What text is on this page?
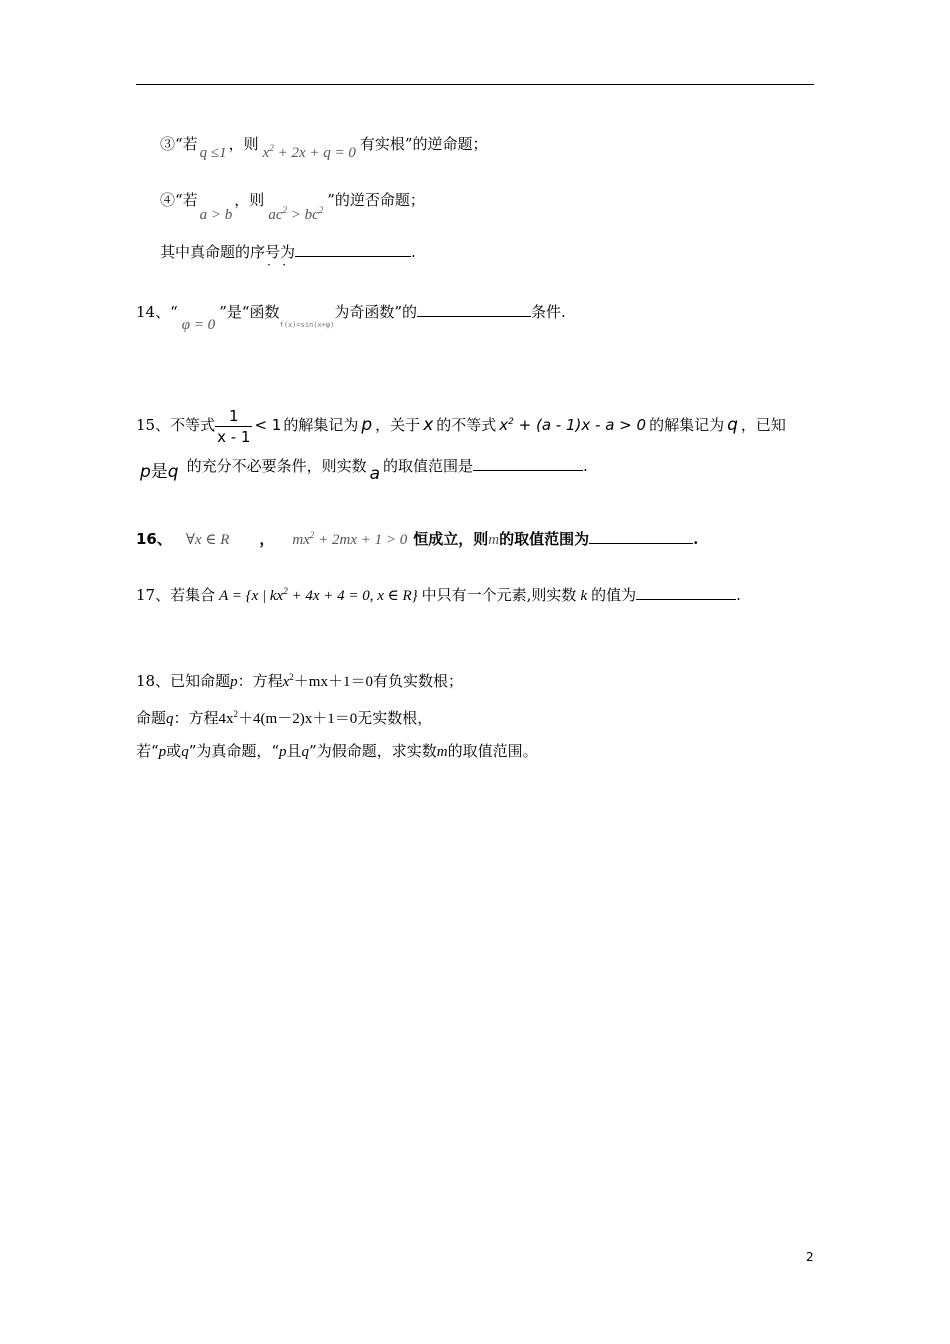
③“若 q ≤1 ，则 $x^2 + 2x + q = 0$ 有实根”的逆命题；
④“若a > b，则$ac^2 > bc^2$”的逆否命题；
其中真命题的序号为	.
·   ·
14、“φ = 0”是“函数$_{f(x)=sin(x+\varphi)}$为奇函数”的	条件.
15、不等式 $\frac{1}{x - 1} < 1$ 的解集记为 p ，关于 x 的不等式 $x^2 + (a - 1)x - a > 0$ 的解集记为 q ，已知
p是q 的充分不必要条件，则实数 a 的取值范围是	.
16、 ∀x ∈ R ， $mx^2 + 2mx + 1 > 0$ 恒成立，则m的取值范围为	.
17、若集合 A = {x | $kx^2 + 4x + 4 = 0$, x ∈ R} 中只有一个元素,则实数 k 的值为	.
18、已知命题p：方程$x^2+mx+1=0$有负实数根；
命题q：方程$4x^2+4(m-2)x+1=0$无实数根，
若“p或q”为真命题，“p且q”为假命题，求实数m的取值范围。
2
